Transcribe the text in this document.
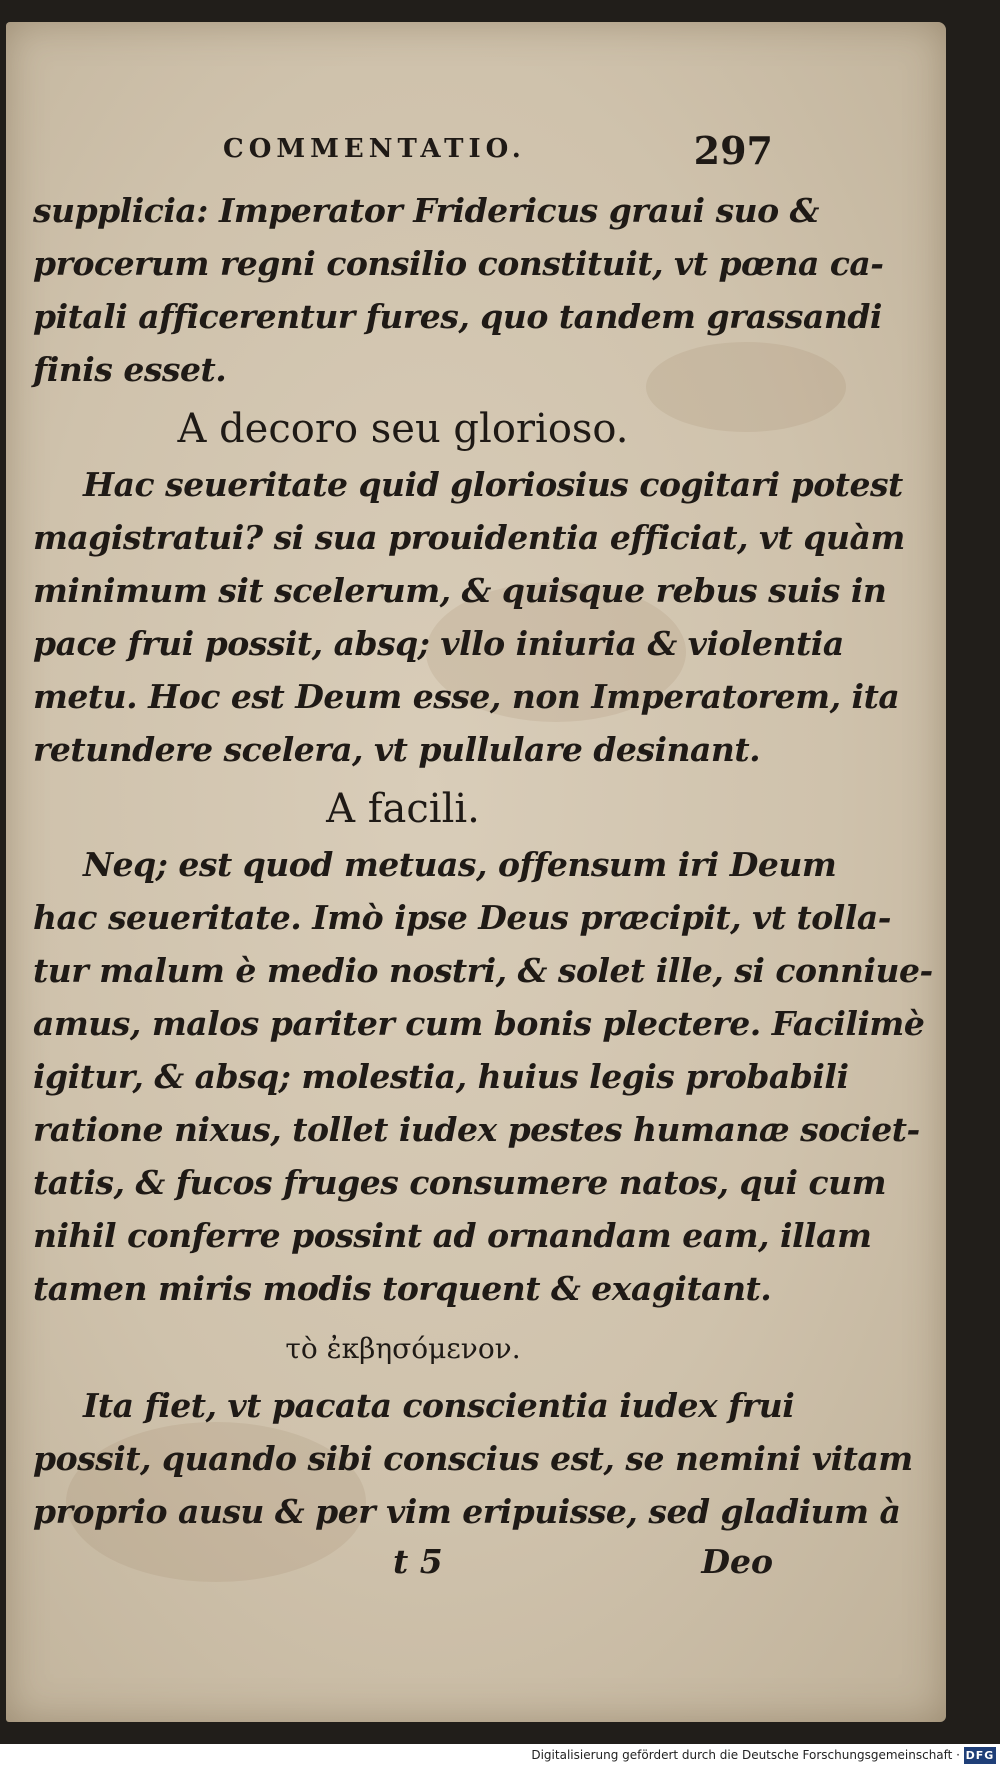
COMMENTATIO.	297
supplicia: Imperator Fridericus graui suo &
procerum regni consilio constituit, vt pœna ca-
pitali afficerentur fures, quo tandem grassandi
finis esset.
A decoro seu glorioso.
Hac seueritate quid gloriosius cogitari potest
magistratui? si sua prouidentia efficiat, vt quàm
minimum sit scelerum, & quisque rebus suis in
pace frui possit, absq; vllo iniuria & violentia
metu. Hoc est Deum esse, non Imperatorem, ita
retundere scelera, vt pullulare desinant.
A facili.
Neq; est quod metuas, offensum iri Deum
hac seueritate. Imò ipse Deus præcipit, vt tolla-
tur malum è medio nostri, & solet ille, si conniue-
amus, malos pariter cum bonis plectere. Facilimè
igitur, & absq; molestia, huius legis probabili
ratione nixus, tollet iudex pestes humanæ societ-
tatis, & fucos fruges consumere natos, qui cum
nihil conferre possint ad ornandam eam, illam
tamen miris modis torquent & exagitant.
τὸ ἐκβησόμενον.
Ita fiet, vt pacata conscientia iudex frui
possit, quando sibi conscius est, se nemini vitam
proprio ausu & per vim eripuisse, sed gladium à
t 5	Deo
Digitalisierung gefördert durch die Deutsche Forschungsgemeinschaft · DFG
